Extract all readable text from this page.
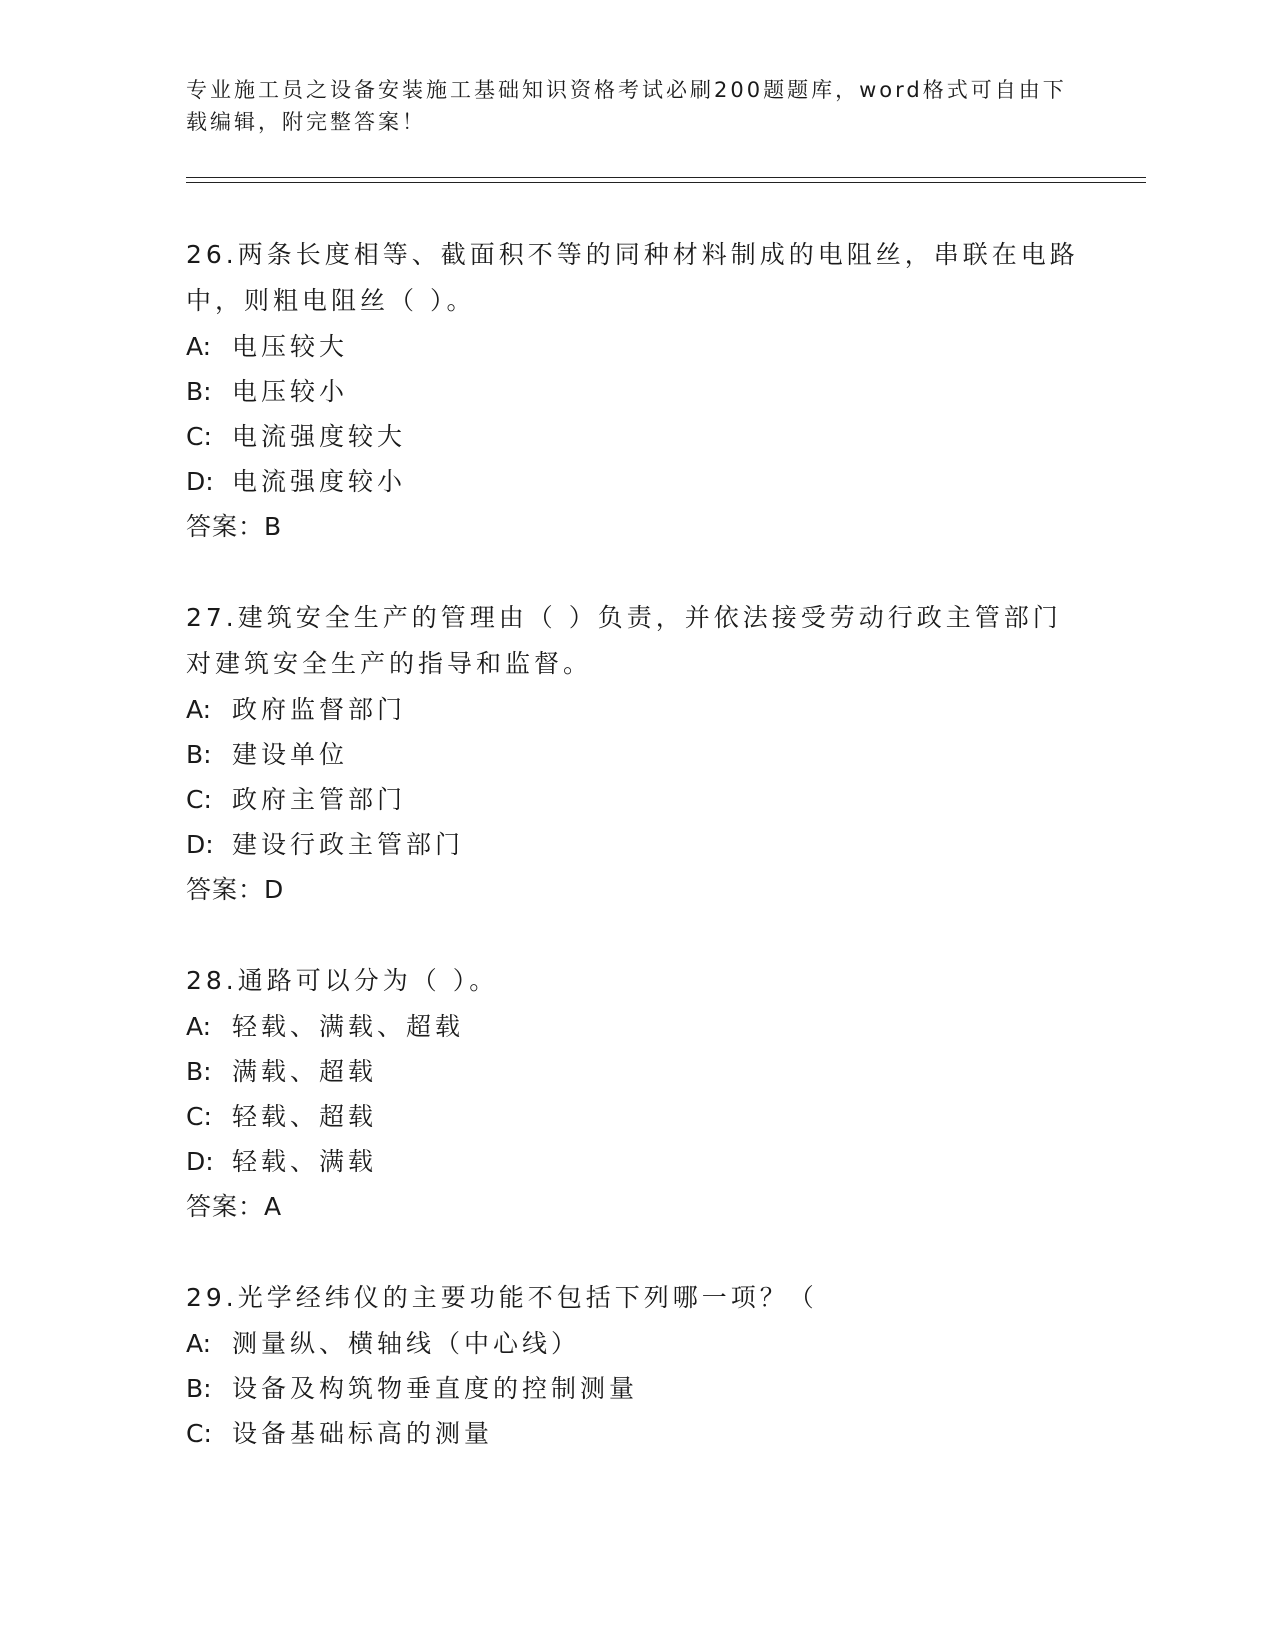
专业施工员之设备安装施工基础知识资格考试必刷200题题库，word格式可自由下载编辑，附完整答案！

26.两条长度相等、截面积不等的同种材料制成的电阻丝，串联在电路中，则粗电阻丝（ ）。

A: 电压较大

B: 电压较小

C: 电流强度较大

D: 电流强度较小

答案：B

27.建筑安全生产的管理由（ ）负责，并依法接受劳动行政主管部门对建筑安全生产的指导和监督。

A: 政府监督部门

B: 建设单位

C: 政府主管部门

D: 建设行政主管部门

答案：D

28.通路可以分为（ ）。

A: 轻载、满载、超载

B: 满载、超载

C: 轻载、超载

D: 轻载、满载

答案：A

29.光学经纬仪的主要功能不包括下列哪一项？（

A: 测量纵、横轴线（中心线）

B: 设备及构筑物垂直度的控制测量

C: 设备基础标高的测量
